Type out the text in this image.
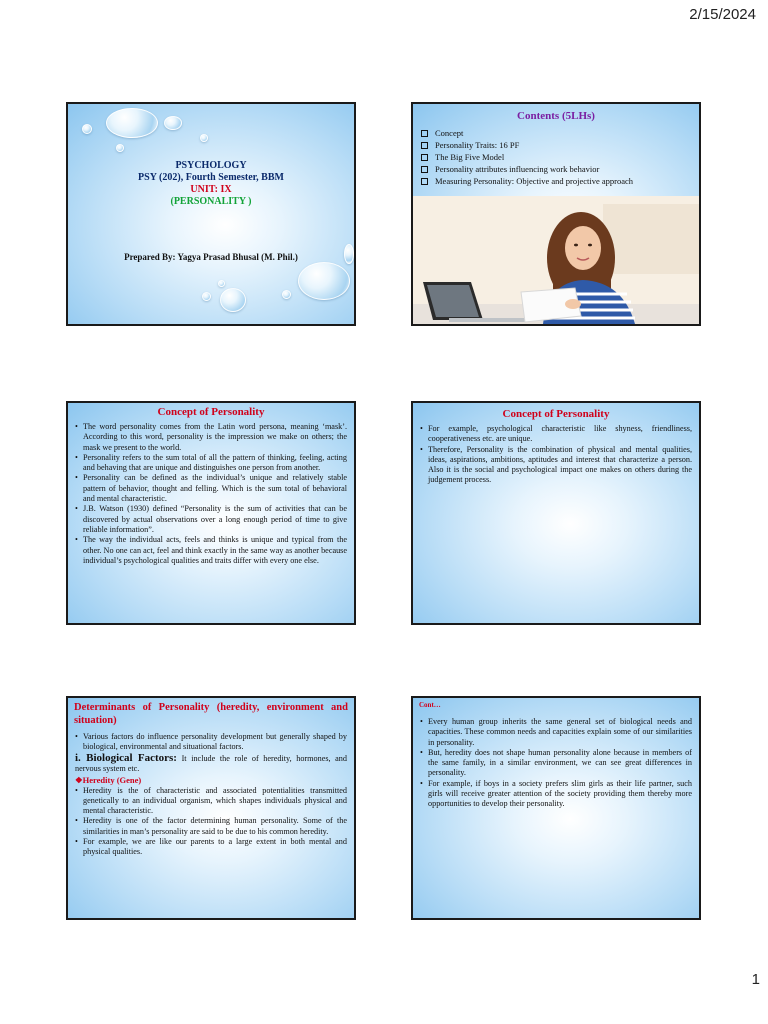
2/15/2024
PSYCHOLOGY
PSY (202), Fourth Semester, BBM
UNIT: IX
(PERSONALITY )
Prepared By: Yagya Prasad Bhusal (M. Phil.)
Contents (5LHs)
Concept
Personality Traits: 16 PF
The Big Five Model
Personality attributes influencing work behavior
Measuring Personality: Objective and projective approach
Concept of Personality
• The word personality comes from the Latin word persona, meaning ‘mask’. According to this word, personality is the impression we make on others; the mask we present to the world.
• Personality refers to the sum total of all the pattern of thinking, feeling, acting and behaving that are unique and distinguishes one person from another.
• Personality can be defined as the individual’s unique and relatively stable pattern of behavior, thought and felling. Which is the sum total of behavioral and mental characteristic.
• J.B. Watson (1930) defined “Personality is the sum of activities that can be discovered by actual observations over a long enough period of time to give reliable information”.
• The way the individual acts, feels and thinks is unique and typical from the other. No one can act, feel and think exactly in the same way as another because individual’s psychological qualities and traits differ with every one else.
Concept of Personality
• For example, psychological characteristic like shyness, friendliness, cooperativeness etc. are unique.
• Therefore, Personality is the combination of physical and mental qualities, ideas, aspirations, ambitions, aptitudes and interest that characterize a person. Also it is the social and psychological impact one makes on others during the judgement process.
Determinants of Personality (heredity, environment and situation)
• Various factors do influence personality development but generally shaped by biological, environmental and situational factors.
i. Biological Factors: It include the role of heredity, hormones, and nervous system etc.
❖Heredity (Gene)
• Heredity is the of characteristic and associated potentialities transmitted genetically to an individual organism, which shapes individuals physical and mental characteristic.
• Heredity is one of the factor determining human personality. Some of the similarities in man’s personality are said to be due to his common heredity.
• For example, we are like our parents to a large extent in both mental and physical qualities.
Cont…
• Every human group inherits the same general set of biological needs and capacities. These common needs and capacities explain some of our similarities in personality.
• But, heredity does not shape human personality alone because in members of the same family, in a similar environment, we can see great differences in personality.
• For example, if boys in a society prefers slim girls as their life partner, such girls will receive greater attention of the society providing them thereby more opportunities to develop their personality.
1
